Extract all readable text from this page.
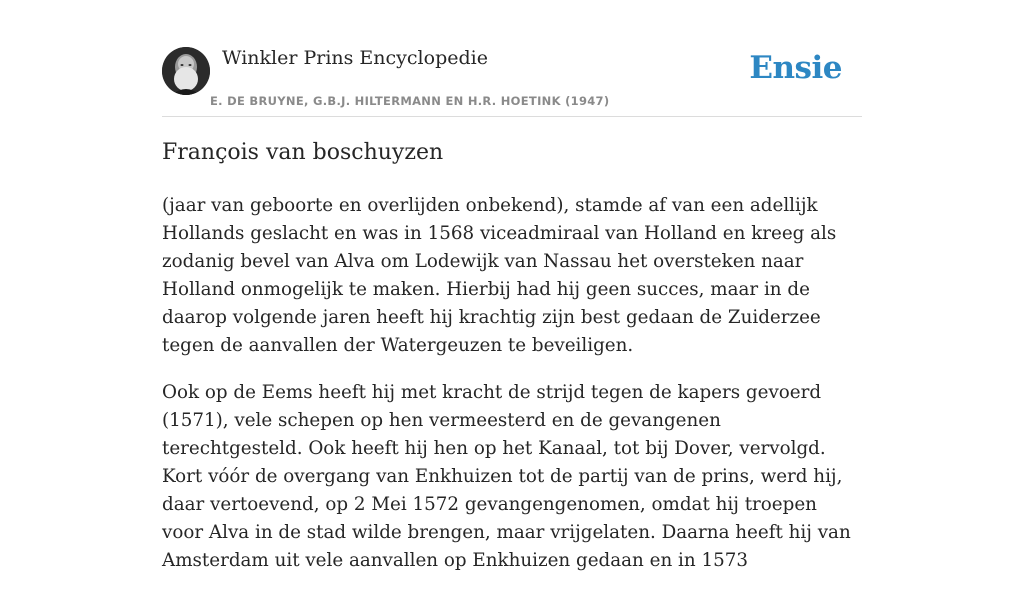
Winkler Prins Encyclopedie
E. DE BRUYNE, G.B.J. HILTERMANN EN H.R. HOETINK (1947)
Ensie
François van boschuyzen

(jaar van geboorte en overlijden onbekend), stamde af van een adellijk Hollands geslacht en was in 1568 viceadmiraal van Holland en kreeg als zodanig bevel van Alva om Lodewijk van Nassau het oversteken naar Holland onmogelijk te maken. Hierbij had hij geen succes, maar in de daarop volgende jaren heeft hij krachtig zijn best gedaan de Zuiderzee tegen de aanvallen der Watergeuzen te beveiligen.

Ook op de Eems heeft hij met kracht de strijd tegen de kapers gevoerd (1571), vele schepen op hen vermeesterd en de gevangenen terechtgesteld. Ook heeft hij hen op het Kanaal, tot bij Dover, vervolgd. Kort vóór de overgang van Enkhuizen tot de partij van de prins, werd hij, daar vertoevend, op 2 Mei 1572 gevangengenomen, omdat hij troepen voor Alva in de stad wilde brengen, maar vrijgelaten. Daarna heeft hij van Amsterdam uit vele aanvallen op Enkhuizen gedaan en in 1573
